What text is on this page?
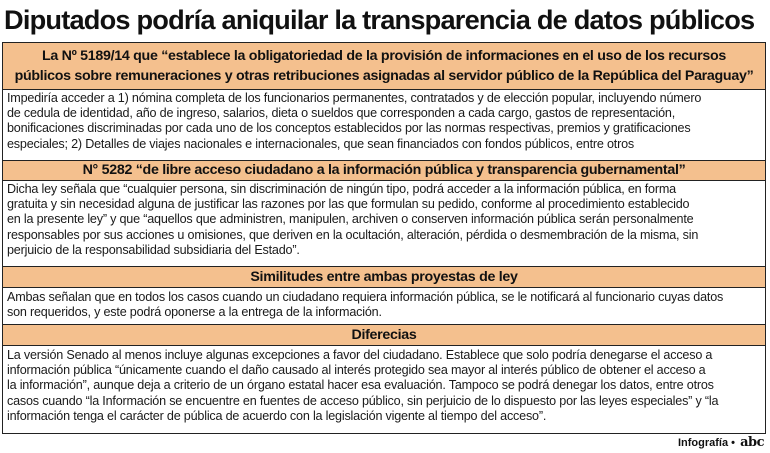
Diputados podría aniquilar la transparencia de datos públicos
La Nº 5189/14 que “establece la obligatoriedad de la provisión de informaciones en el uso de los recursos
públicos sobre remuneraciones y otras retribuciones asignadas al servidor público de la República del Paraguay”
Impediría acceder a 1) nómina completa de los funcionarios permanentes, contratados y de elección popular, incluyendo número
de cedula de identidad, año de ingreso, salarios, dieta o sueldos que corresponden a cada cargo, gastos de representación,
bonificaciones discriminadas por cada uno de los conceptos establecidos por las normas respectivas, premios y gratificaciones
especiales; 2) Detalles de viajes nacionales e internacionales, que sean financiados con fondos públicos, entre otros
N° 5282 “de libre acceso ciudadano a la información pública y transparencia gubernamental”
Dicha ley señala que “cualquier persona, sin discriminación de ningún tipo, podrá acceder a la información pública, en forma
gratuita y sin necesidad alguna de justificar las razones por las que formulan su pedido, conforme al procedimiento establecido
en la presente ley” y que “aquellos que administren, manipulen, archiven o conserven información pública serán personalmente
responsables por sus acciones u omisiones, que deriven en la ocultación, alteración, pérdida o desmembración de la misma, sin
perjuicio de la responsabilidad subsidiaria del Estado”.
Similitudes entre ambas proyestas de ley
Ambas señalan que en todos los casos cuando un ciudadano requiera información pública, se le notificará al funcionario cuyas datos
son requeridos, y este podrá oponerse a la entrega de la información.
Diferecias
La versión Senado al menos incluye algunas excepciones a favor del ciudadano. Establece que solo podría denegarse el acceso a
información pública “únicamente cuando el daño causado al interés protegido sea mayor al interés público de obtener el acceso a
la información”, aunque deja a criterio de un órgano estatal hacer esa evaluación. Tampoco se podrá denegar los datos, entre otros
casos cuando “la Información se encuentre en fuentes de acceso público, sin perjuicio de lo dispuesto por las leyes especiales” y “la
información tenga el carácter de pública de acuerdo con la legislación vigente al tiempo del acceso”.
Infografía • abc
